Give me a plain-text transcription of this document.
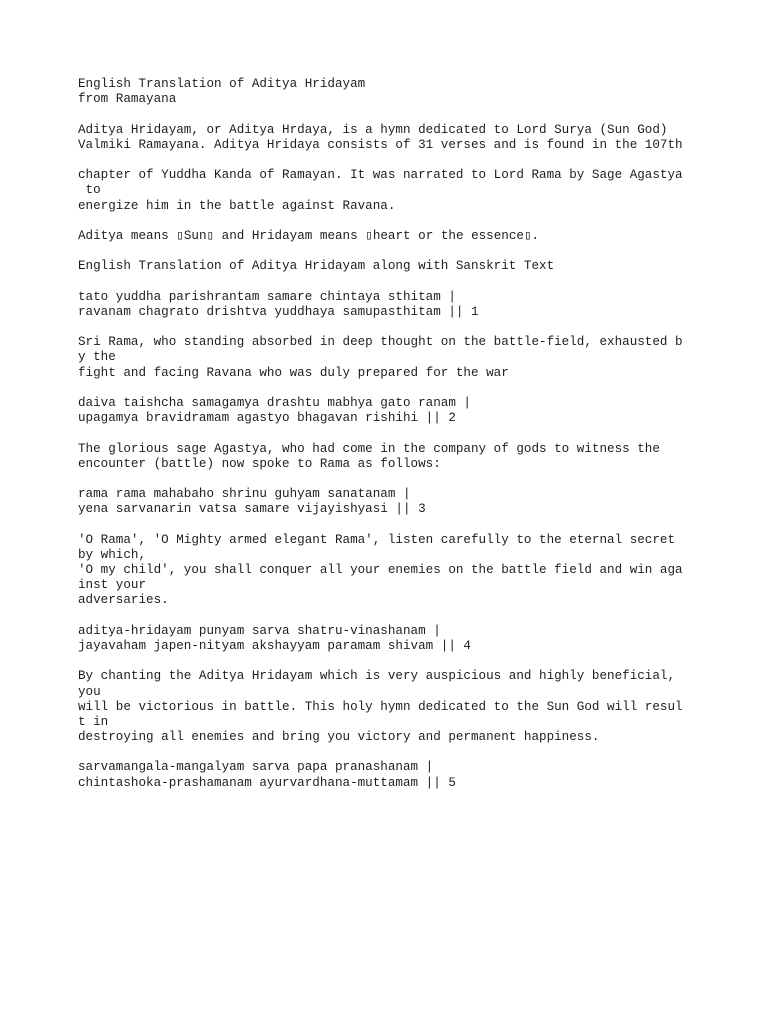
English Translation of Aditya Hridayam
from Ramayana
Aditya Hridayam, or Aditya Hrdaya, is a hymn dedicated to Lord Surya (Sun God)
Valmiki Ramayana. Aditya Hridaya consists of 31 verses and is found in the 107th
chapter of Yuddha Kanda of Ramayan. It was narrated to Lord Rama by Sage Agastya
to
energize him in the battle against Ravana.
Aditya means ▯Sun▯ and Hridayam means ▯heart or the essence▯.
English Translation of Aditya Hridayam along with Sanskrit Text
tato yuddha parishrantam samare chintaya sthitam |
ravanam chagrato drishtva yuddhaya samupasthitam || 1
Sri Rama, who standing absorbed in deep thought on the battle-field, exhausted b
y the
fight and facing Ravana who was duly prepared for the war
daiva taishcha samagamya drashtu mabhya gato ranam |
upagamya bravidramam agastyo bhagavan rishihi || 2
The glorious sage Agastya, who had come in the company of gods to witness the
encounter (battle) now spoke to Rama as follows:
rama rama mahabaho shrinu guhyam sanatanam |
yena sarvanarin vatsa samare vijayishyasi || 3
'O Rama', 'O Mighty armed elegant Rama', listen carefully to the eternal secret
by which,
'O my child', you shall conquer all your enemies on the battle field and win aga
inst your
adversaries.
aditya-hridayam punyam sarva shatru-vinashanam |
jayavaham japen-nityam akshayyam paramam shivam || 4
By chanting the Aditya Hridayam which is very auspicious and highly beneficial,
you
will be victorious in battle. This holy hymn dedicated to the Sun God will resul
t in
destroying all enemies and bring you victory and permanent happiness.
sarvamangala-mangalyam sarva papa pranashanam |
chintashoka-prashamanam ayurvardhana-muttamam || 5
